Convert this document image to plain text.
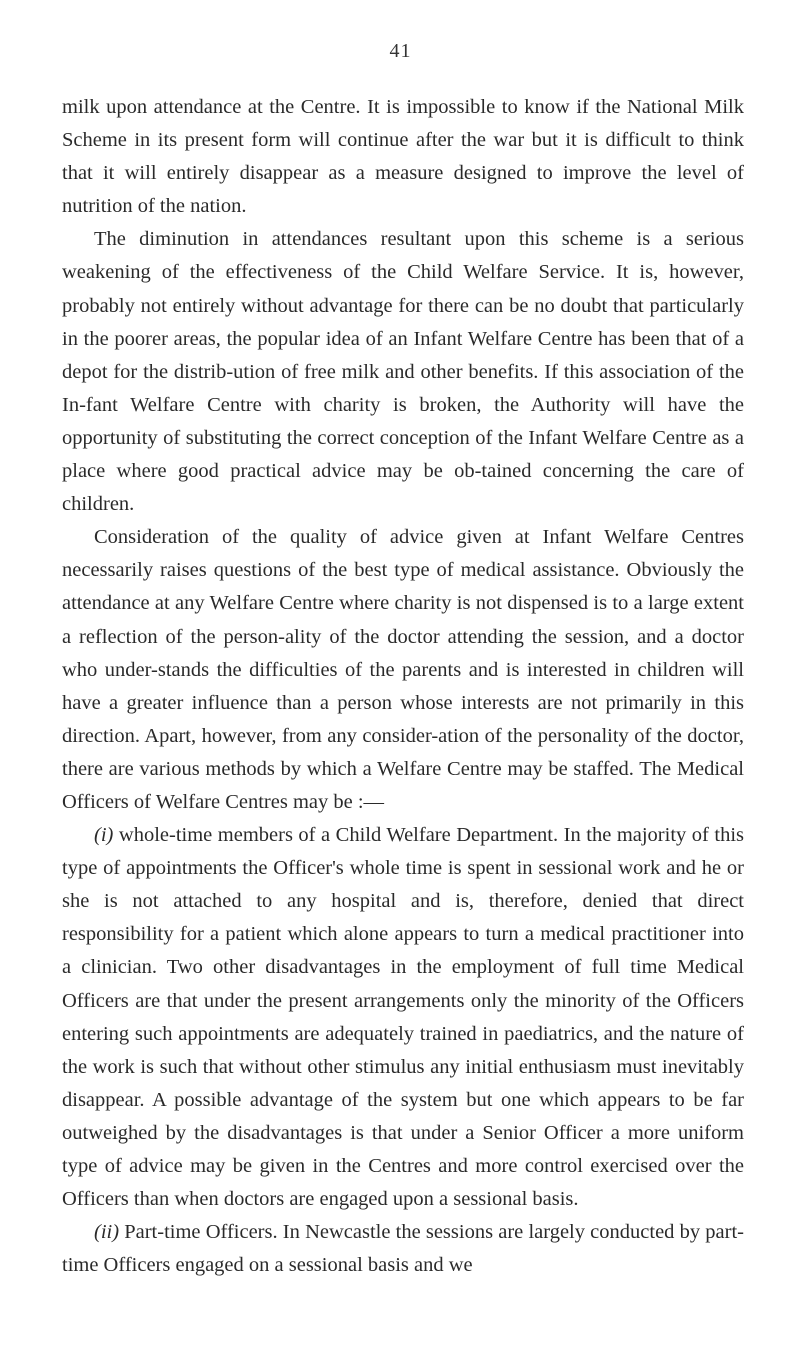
41

milk upon attendance at the Centre. It is impossible to know if the National Milk Scheme in its present form will continue after the war but it is difficult to think that it will entirely disappear as a measure designed to improve the level of nutrition of the nation.

The diminution in attendances resultant upon this scheme is a serious weakening of the effectiveness of the Child Welfare Service. It is, however, probably not entirely without advantage for there can be no doubt that particularly in the poorer areas, the popular idea of an Infant Welfare Centre has been that of a depot for the distrib-ution of free milk and other benefits. If this association of the In-fant Welfare Centre with charity is broken, the Authority will have the opportunity of substituting the correct conception of the Infant Welfare Centre as a place where good practical advice may be ob-tained concerning the care of children.

Consideration of the quality of advice given at Infant Welfare Centres necessarily raises questions of the best type of medical assistance. Obviously the attendance at any Welfare Centre where charity is not dispensed is to a large extent a reflection of the person-ality of the doctor attending the session, and a doctor who under-stands the difficulties of the parents and is interested in children will have a greater influence than a person whose interests are not primarily in this direction. Apart, however, from any consider-ation of the personality of the doctor, there are various methods by which a Welfare Centre may be staffed. The Medical Officers of Welfare Centres may be :—

(i) whole-time members of a Child Welfare Department. In the majority of this type of appointments the Officer's whole time is spent in sessional work and he or she is not attached to any hospital and is, therefore, denied that direct responsibility for a patient which alone appears to turn a medical practitioner into a clinician. Two other disadvantages in the employment of full time Medical Officers are that under the present arrangements only the minority of the Officers entering such appointments are adequately trained in paediatrics, and the nature of the work is such that without other stimulus any initial enthusiasm must inevitably disappear. A possible advantage of the system but one which appears to be far outweighed by the disadvantages is that under a Senior Officer a more uniform type of advice may be given in the Centres and more control exercised over the Officers than when doctors are engaged upon a sessional basis.

(ii) Part-time Officers. In Newcastle the sessions are largely conducted by part-time Officers engaged on a sessional basis and we
